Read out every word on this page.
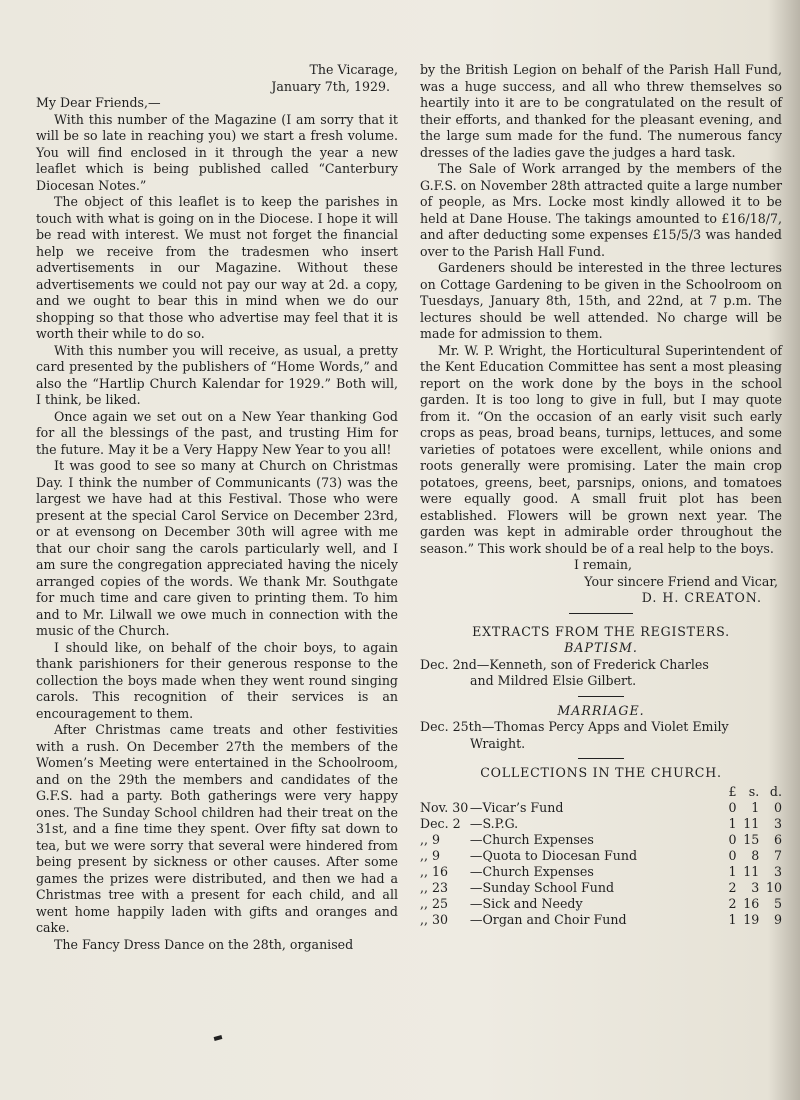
The Vicarage,
January 7th, 1929.
My Dear Friends,—

With this number of the Magazine (I am sorry that it will be so late in reaching you) we start a fresh volume. You will find enclosed in it through the year a new leaflet which is being published called “Canterbury Diocesan Notes.”

The object of this leaflet is to keep the parishes in touch with what is going on in the Diocese. I hope it will be read with interest. We must not forget the financial help we receive from the tradesmen who insert advertisements in our Magazine. Without these advertisements we could not pay our way at 2d. a copy, and we ought to bear this in mind when we do our shopping so that those who advertise may feel that it is worth their while to do so.

With this number you will receive, as usual, a pretty card presented by the publishers of “Home Words,” and also the “Hartlip Church Kalendar for 1929.” Both will, I think, be liked.

Once again we set out on a New Year thanking God for all the blessings of the past, and trusting Him for the future. May it be a Very Happy New Year to you all!

It was good to see so many at Church on Christmas Day. I think the number of Communicants (73) was the largest we have had at this Festival. Those who were present at the special Carol Service on December 23rd, or at evensong on December 30th will agree with me that our choir sang the carols particularly well, and I am sure the congregation appreciated having the nicely arranged copies of the words. We thank Mr. Southgate for much time and care given to printing them. To him and to Mr. Lilwall we owe much in connection with the music of the Church.

I should like, on behalf of the choir boys, to again thank parishioners for their generous response to the collection the boys made when they went round singing carols. This recognition of their services is an encouragement to them.

After Christmas came treats and other festivities with a rush. On December 27th the members of the Women’s Meeting were entertained in the Schoolroom, and on the 29th the members and candidates of the G.F.S. had a party. Both gatherings were very happy ones. The Sunday School children had their treat on the 31st, and a fine time they spent. Over fifty sat down to tea, but we were sorry that several were hindered from being present by sickness or other causes. After some games the prizes were distributed, and then we had a Christmas tree with a present for each child, and all went home happily laden with gifts and oranges and cake.

The Fancy Dress Dance on the 28th, organised

by the British Legion on behalf of the Parish Hall Fund, was a huge success, and all who threw themselves so heartily into it are to be congratulated on the result of their efforts, and thanked for the pleasant evening, and the large sum made for the fund. The numerous fancy dresses of the ladies gave the judges a hard task.

The Sale of Work arranged by the members of the G.F.S. on November 28th attracted quite a large number of people, as Mrs. Locke most kindly allowed it to be held at Dane House. The takings amounted to £16/18/7, and after deducting some expenses £15/5/3 was handed over to the Parish Hall Fund.

Gardeners should be interested in the three lectures on Cottage Gardening to be given in the Schoolroom on Tuesdays, January 8th, 15th, and 22nd, at 7 p.m. The lectures should be well attended. No charge will be made for admission to them.

Mr. W. P. Wright, the Horticultural Superintendent of the Kent Education Committee has sent a most pleasing report on the work done by the boys in the school garden. It is too long to give in full, but I may quote from it. “On the occasion of an early visit such early crops as peas, broad beans, turnips, lettuces, and some varieties of potatoes were excellent, while onions and roots generally were promising. Later the main crop potatoes, greens, beet, parsnips, onions, and tomatoes were equally good. A small fruit plot has been established. Flowers will be grown next year. The garden was kept in admirable order throughout the season.” This work should be of a real help to the boys.

I remain,
Your sincere Friend and Vicar,
D. H. CREATON.
EXTRACTS FROM THE REGISTERS.
BAPTISM.
Dec. 2nd—Kenneth, son of Frederick Charles
and Mildred Elsie Gilbert.
MARRIAGE.
Dec. 25th—Thomas Percy Apps and Violet Emily
Wraight.
COLLECTIONS IN THE CHURCH.
		£	s.	d.
Nov. 30	—Vicar’s Fund	0	1	0
Dec. 2	—S.P.G.	1	11	3
,, 9	—Church Expenses	0	15	6
,, 9	—Quota to Diocesan Fund	0	8	7
,, 16	—Church Expenses	1	11	3
,, 23	—Sunday School Fund	2	3	10
,, 25	—Sick and Needy	2	16	5
,, 30	—Organ and Choir Fund	1	19	9
